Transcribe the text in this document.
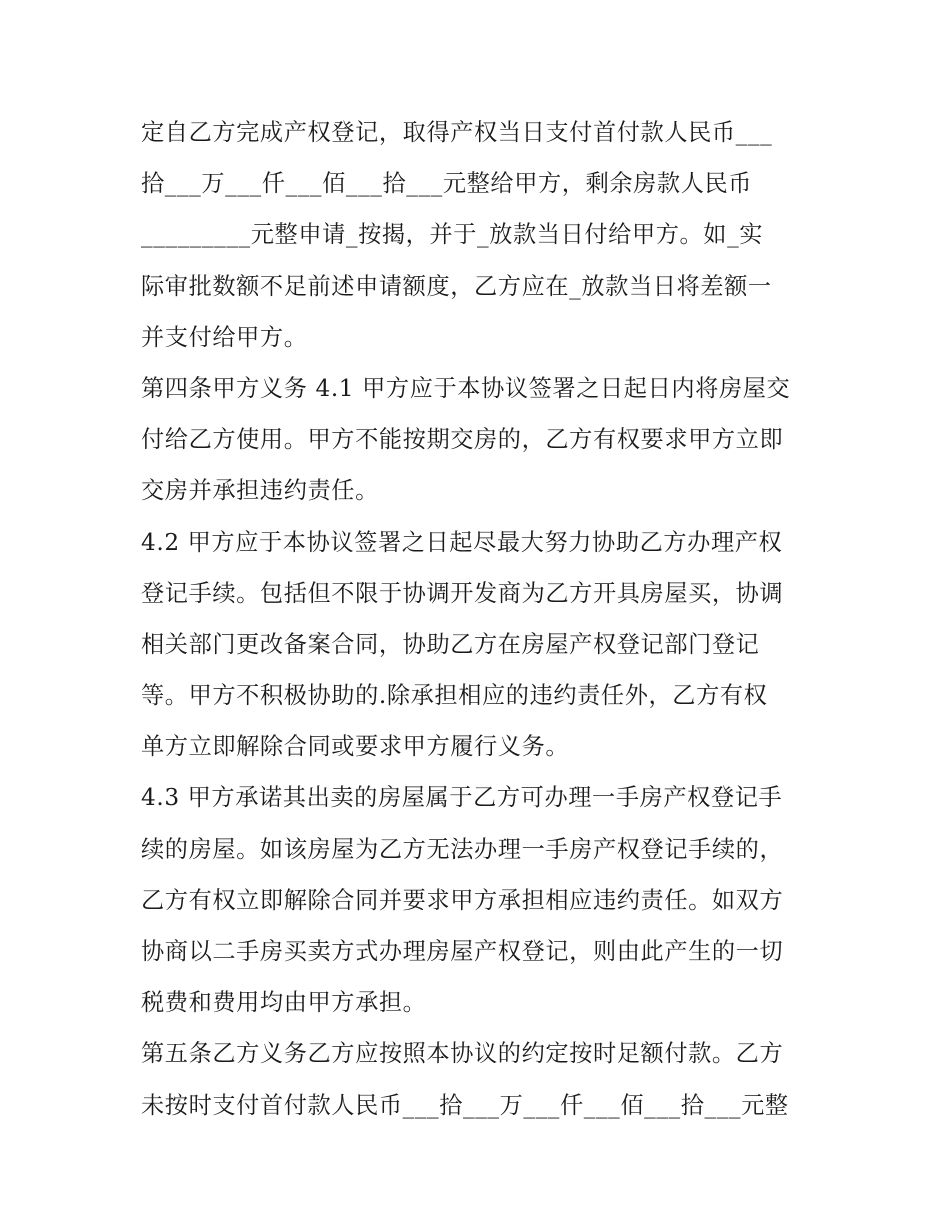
定自乙方完成产权登记，取得产权当日支付首付款人民币___
拾___万___仟___佰___拾___元整给甲方，剩余房款人民币
_________元整申请_按揭，并于_放款当日付给甲方。如_实
际审批数额不足前述申请额度，乙方应在_放款当日将差额一
并支付给甲方。
第四条甲方义务 4.1 甲方应于本协议签署之日起日内将房屋交
付给乙方使用。甲方不能按期交房的，乙方有权要求甲方立即
交房并承担违约责任。
4.2 甲方应于本协议签署之日起尽最大努力协助乙方办理产权
登记手续。包括但不限于协调开发商为乙方开具房屋买，协调
相关部门更改备案合同，协助乙方在房屋产权登记部门登记
等。甲方不积极协助的.除承担相应的违约责任外，乙方有权
单方立即解除合同或要求甲方履行义务。
4.3 甲方承诺其出卖的房屋属于乙方可办理一手房产权登记手
续的房屋。如该房屋为乙方无法办理一手房产权登记手续的，
乙方有权立即解除合同并要求甲方承担相应违约责任。如双方
协商以二手房买卖方式办理房屋产权登记，则由此产生的一切
税费和费用均由甲方承担。
第五条乙方义务乙方应按照本协议的约定按时足额付款。乙方
未按时支付首付款人民币___拾___万___仟___佰___拾___元整
